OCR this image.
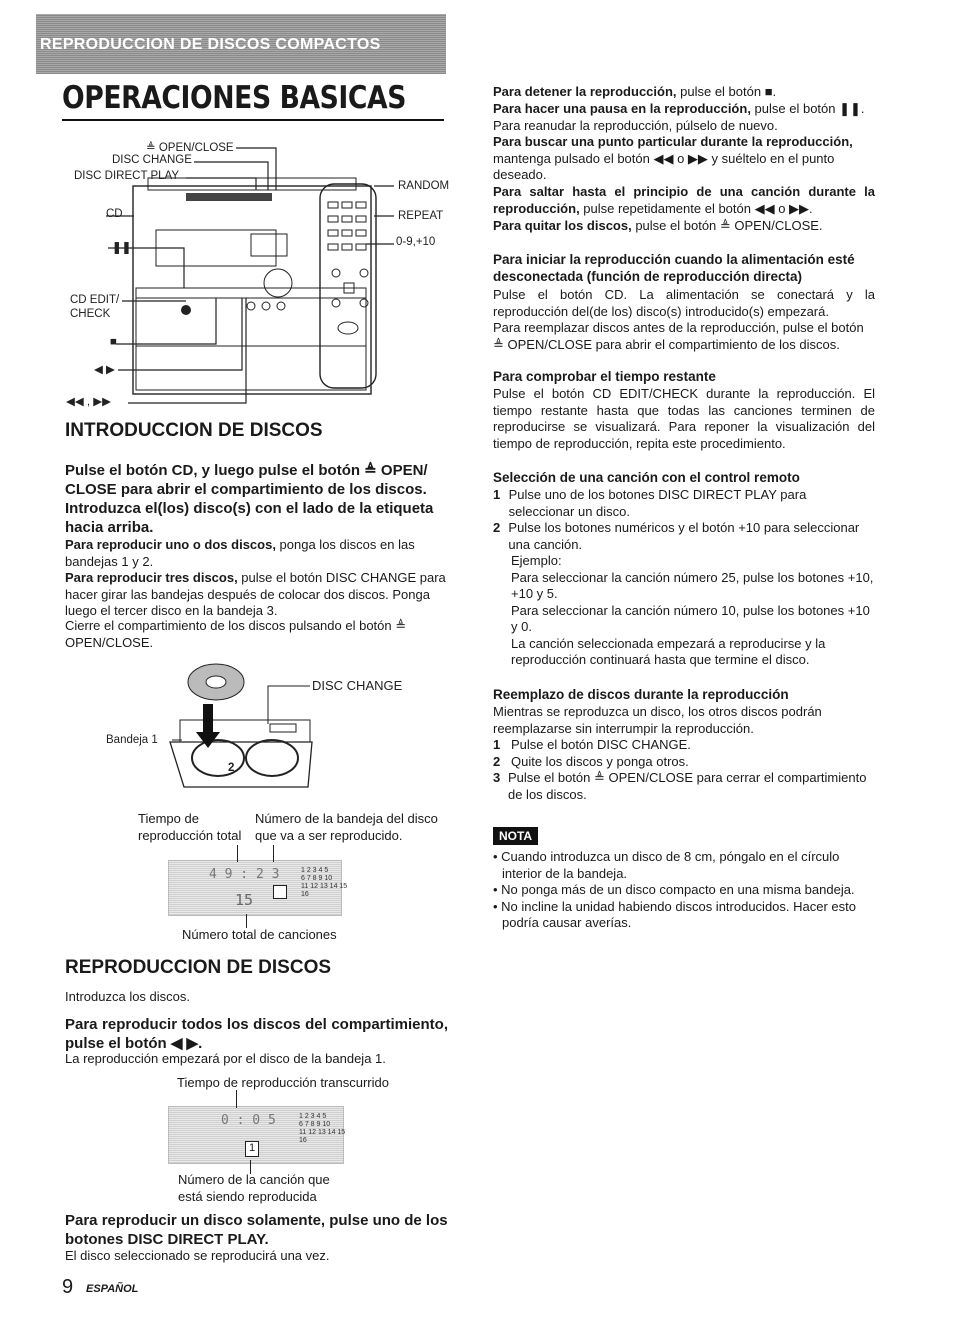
REPRODUCCION DE DISCOS COMPACTOS
OPERACIONES BASICAS
≜ OPEN/CLOSE
DISC CHANGE
DISC DIRECT PLAY
CD
❚❚
CD EDIT/
CHECK
■
◀ ▶
◀◀ , ▶▶
RANDOM
REPEAT
0-9,+10
INTRODUCCION DE DISCOS
Pulse el botón CD, y luego pulse el botón ≜ OPEN/ CLOSE para abrir el compartimiento de los discos. Introduzca el(los) disco(s) con el lado de la etiqueta hacia arriba.
Para reproducir uno o dos discos, ponga los discos en las bandejas 1 y 2.
Para reproducir tres discos, pulse el botón DISC CHANGE para hacer girar las bandejas después de colocar dos discos. Ponga luego el tercer disco en la bandeja 3.
Cierre el compartimiento de los discos pulsando el botón ≜ OPEN/CLOSE.
DISC CHANGE
Bandeja 1
2
Tiempo de reproducción total
Número de la bandeja del disco que va a ser reproducido.
4 9 : 2 3
15
1 2 3 4 5
6 7 8 9 10
11 12 13 14 15
16
Número total de canciones
REPRODUCCION DE DISCOS
Introduzca los discos.
Para reproducir todos los discos del compartimiento, pulse el botón ◀ ▶.
La reproducción empezará por el disco de la bandeja 1.
Tiempo de reproducción transcurrido
0 : 0 5
1
1 2 3 4 5
6 7 8 9 10
11 12 13 14 15
16
Número de la canción que
está siendo reproducida
Para reproducir un disco solamente, pulse uno de los botones DISC DIRECT PLAY.
El disco seleccionado se reproducirá una vez.
9 ESPAÑOL
Para detener la reproducción, pulse el botón ■.
Para hacer una pausa en la reproducción, pulse el botón ❚❚.
Para reanudar la reproducción, púlselo de nuevo.
Para buscar una punto particular durante la reproducción, mantenga pulsado el botón ◀◀ o ▶▶ y suéltelo en el punto deseado.
Para saltar hasta el principio de una canción durante la reproducción, pulse repetidamente el botón ◀◀ o ▶▶.
Para quitar los discos, pulse el botón ≜ OPEN/CLOSE.
Para iniciar la reproducción cuando la alimentación esté desconectada (función de reproducción directa)
Pulse el botón CD. La alimentación se conectará y la reproducción del(de los) disco(s) introducido(s) empezará.
Para reemplazar discos antes de la reproducción, pulse el botón ≜ OPEN/CLOSE para abrir el compartimiento de los discos.
Para comprobar el tiempo restante
Pulse el botón CD EDIT/CHECK durante la reproducción. El tiempo restante hasta que todas las canciones terminen de reproducirse se visualizará. Para reponer la visualización del tiempo de reproducción, repita este procedimiento.
Selección de una canción con el control remoto
1 Pulse uno de los botones DISC DIRECT PLAY para seleccionar un disco.
2 Pulse los botones numéricos y el botón +10 para seleccionar una canción.
Ejemplo:
Para seleccionar la canción número 25, pulse los botones +10, +10 y 5.
Para seleccionar la canción número 10, pulse los botones +10 y 0.
La canción seleccionada empezará a reproducirse y la reproducción continuará hasta que termine el disco.
Reemplazo de discos durante la reproducción
Mientras se reproduzca un disco, los otros discos podrán reemplazarse sin interrumpir la reproducción.
1 Pulse el botón DISC CHANGE.
2 Quite los discos y ponga otros.
3 Pulse el botón ≜ OPEN/CLOSE para cerrar el compartimiento de los discos.
NOTA
• Cuando introduzca un disco de 8 cm, póngalo en el círculo interior de la bandeja.
• No ponga más de un disco compacto en una misma bandeja.
• No incline la unidad habiendo discos introducidos. Hacer esto podría causar averías.
